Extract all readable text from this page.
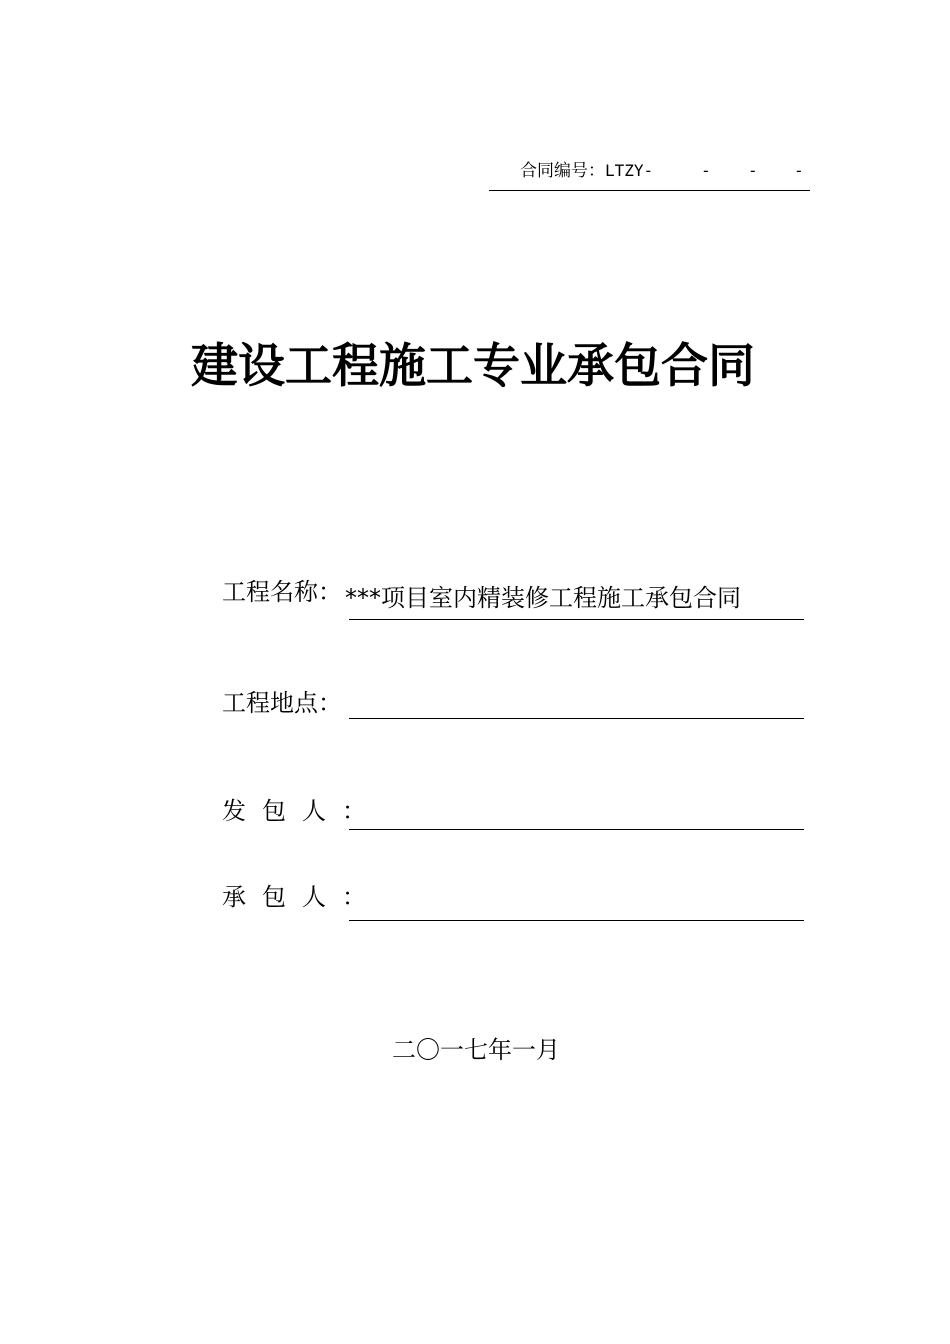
合同编号：LTZY-	- - -
建设工程施工专业承包合同
工程名称： ***项目室内精装修工程施工承包合同
工程地点：
发包人：
承包人：
二〇一七年一月
